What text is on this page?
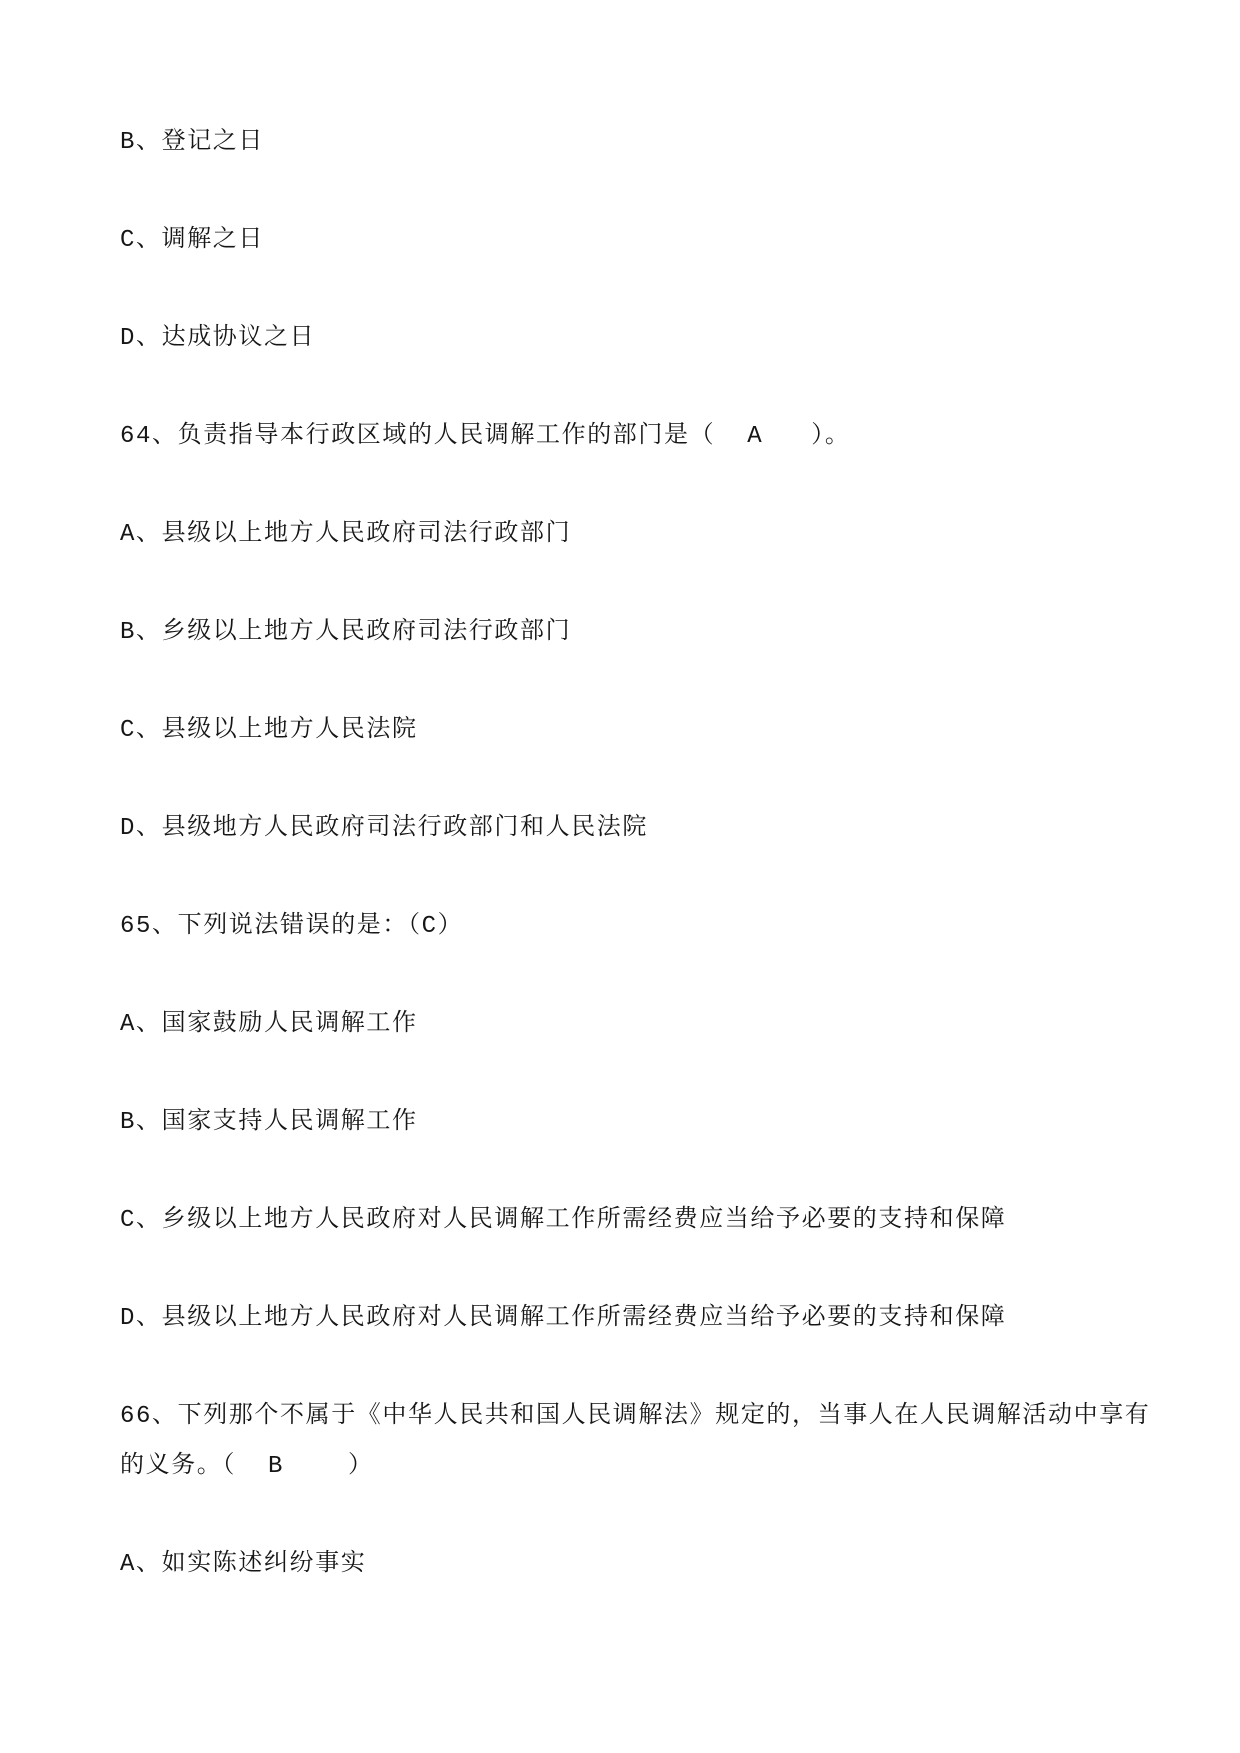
B、登记之日

C、调解之日

D、达成协议之日

64、负责指导本行政区域的人民调解工作的部门是（  A   ）。

A、县级以上地方人民政府司法行政部门

B、乡级以上地方人民政府司法行政部门

C、县级以上地方人民法院

D、县级地方人民政府司法行政部门和人民法院

65、下列说法错误的是：（C）

A、国家鼓励人民调解工作

B、国家支持人民调解工作

C、乡级以上地方人民政府对人民调解工作所需经费应当给予必要的支持和保障

D、县级以上地方人民政府对人民调解工作所需经费应当给予必要的支持和保障

66、下列那个不属于《中华人民共和国人民调解法》规定的，当事人在人民调解活动中享有
的义务。（  B    ）

A、如实陈述纠纷事实
